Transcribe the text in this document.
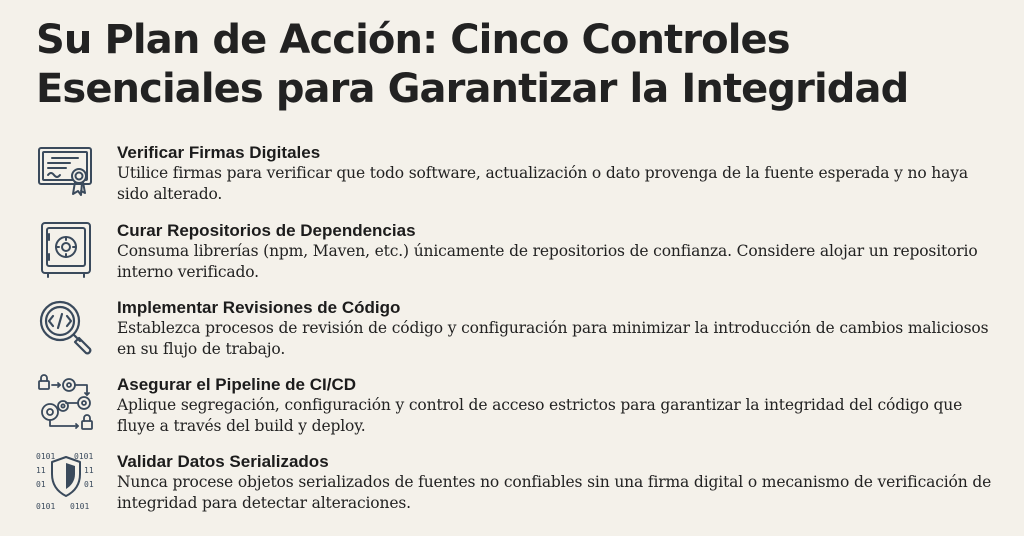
Su Plan de Acción: Cinco Controles Esenciales para Garantizar la Integridad
Verificar Firmas Digitales
Utilice firmas para verificar que todo software, actualización o dato provenga de la fuente esperada y no haya sido alterado.
Curar Repositorios de Dependencias
Consuma librerías (npm, Maven, etc.) únicamente de repositorios de confianza. Considere alojar un repositorio interno verificado.
Implementar Revisiones de Código
Establezca procesos de revisión de código y configuración para minimizar la introducción de cambios maliciosos en su flujo de trabajo.
Asegurar el Pipeline de CI/CD
Aplique segregación, configuración y control de acceso estrictos para garantizar la integridad del código que fluye a través del build y deploy.
0101 0101
11	11
01	01
0101 0101
Validar Datos Serializados
Nunca procese objetos serializados de fuentes no confiables sin una firma digital o mecanismo de verificación de integridad para detectar alteraciones.
